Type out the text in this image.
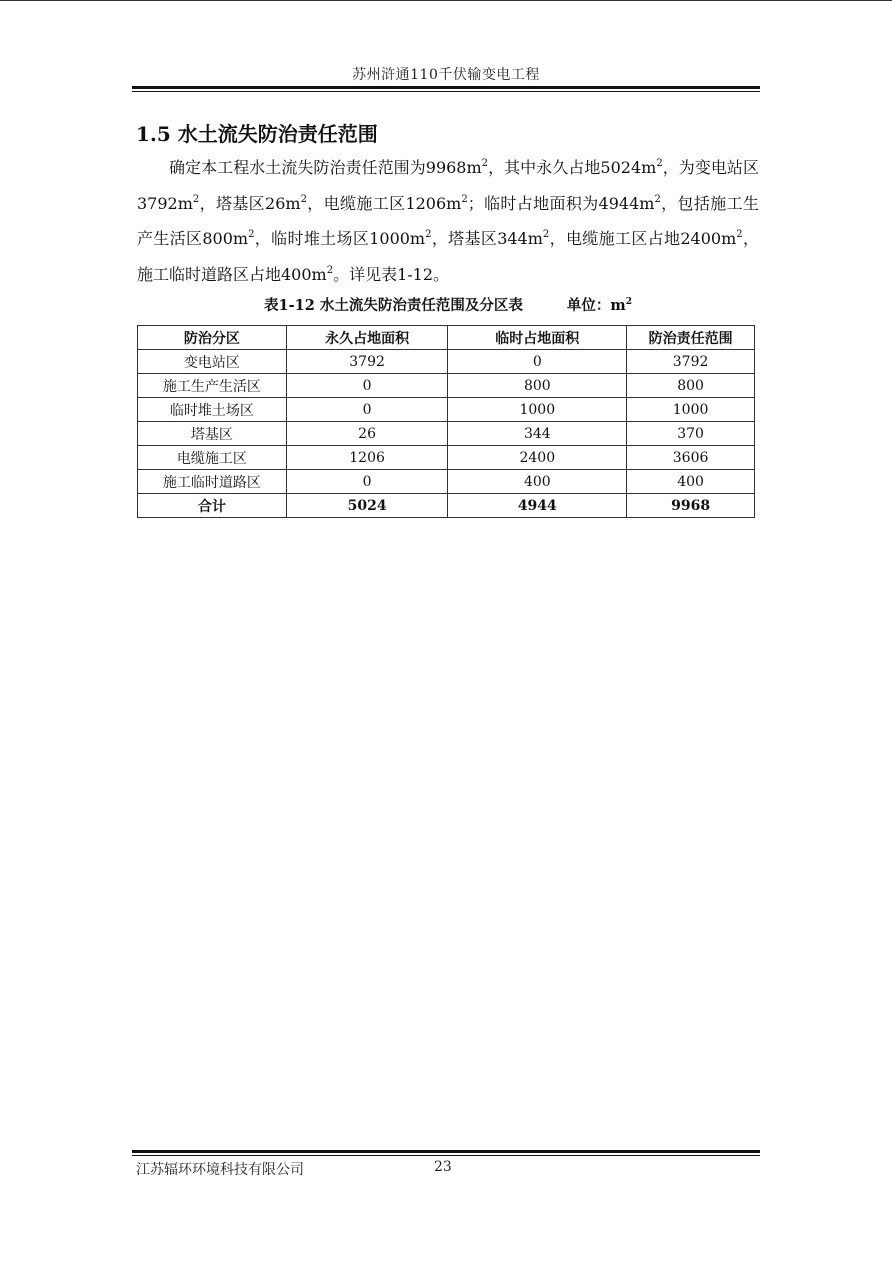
苏州浒通110千伏输变电工程
1.5 水土流失防治责任范围

确定本工程水土流失防治责任范围为$9968m^2$，其中永久占地$5024m^2$，为变电站区$3792m^2$，塔基区$26m^2$，电缆施工区$1206m^2$；临时占地面积为$4944m^2$，包括施工生产生活区$800m^2$，临时堆土场区$1000m^2$，塔基区$344m^2$，电缆施工区占地$2400m^2$，施工临时道路区占地$400m^2$。详见表1-12。

表1-12 水土流失防治责任范围及分区表	单位：$m^2$
防治分区	永久占地面积	临时占地面积	防治责任范围
变电站区	3792	0	3792
施工生产生活区	0	800	800
临时堆土场区	0	1000	1000
塔基区	26	344	370
电缆施工区	1206	2400	3606
施工临时道路区	0	400	400
合计	5024	4944	9968
江苏辐环环境科技有限公司	23
